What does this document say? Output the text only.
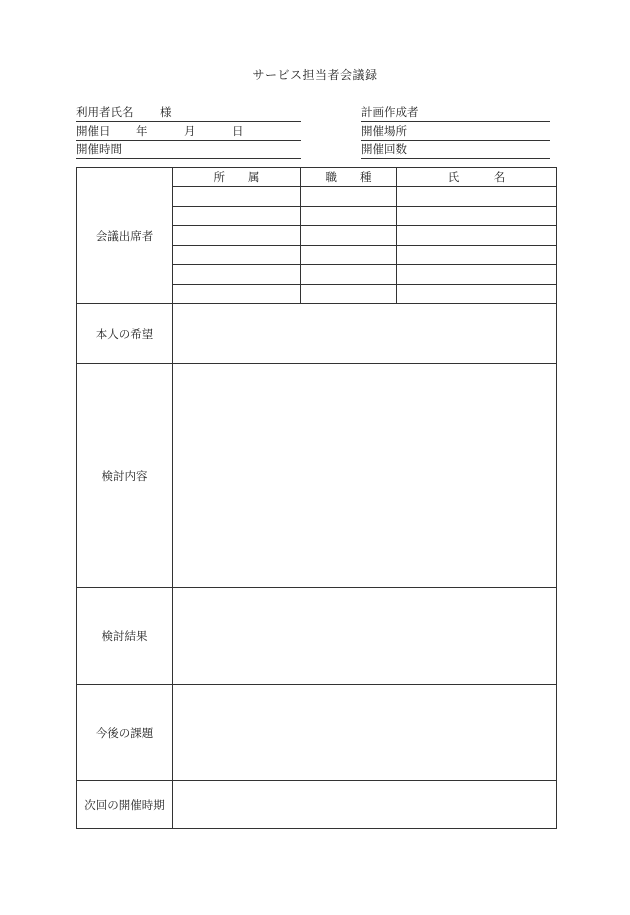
サービス担当者会議録
利用者氏名 様
開催日 年	月	日
開催時間
計画作成者
開催場所
開催回数
会議出席者	所　　属	職　　種	氏　　　名

本人の希望			
検討内容			
検討結果			
今後の課題			
次回の開催時期			
